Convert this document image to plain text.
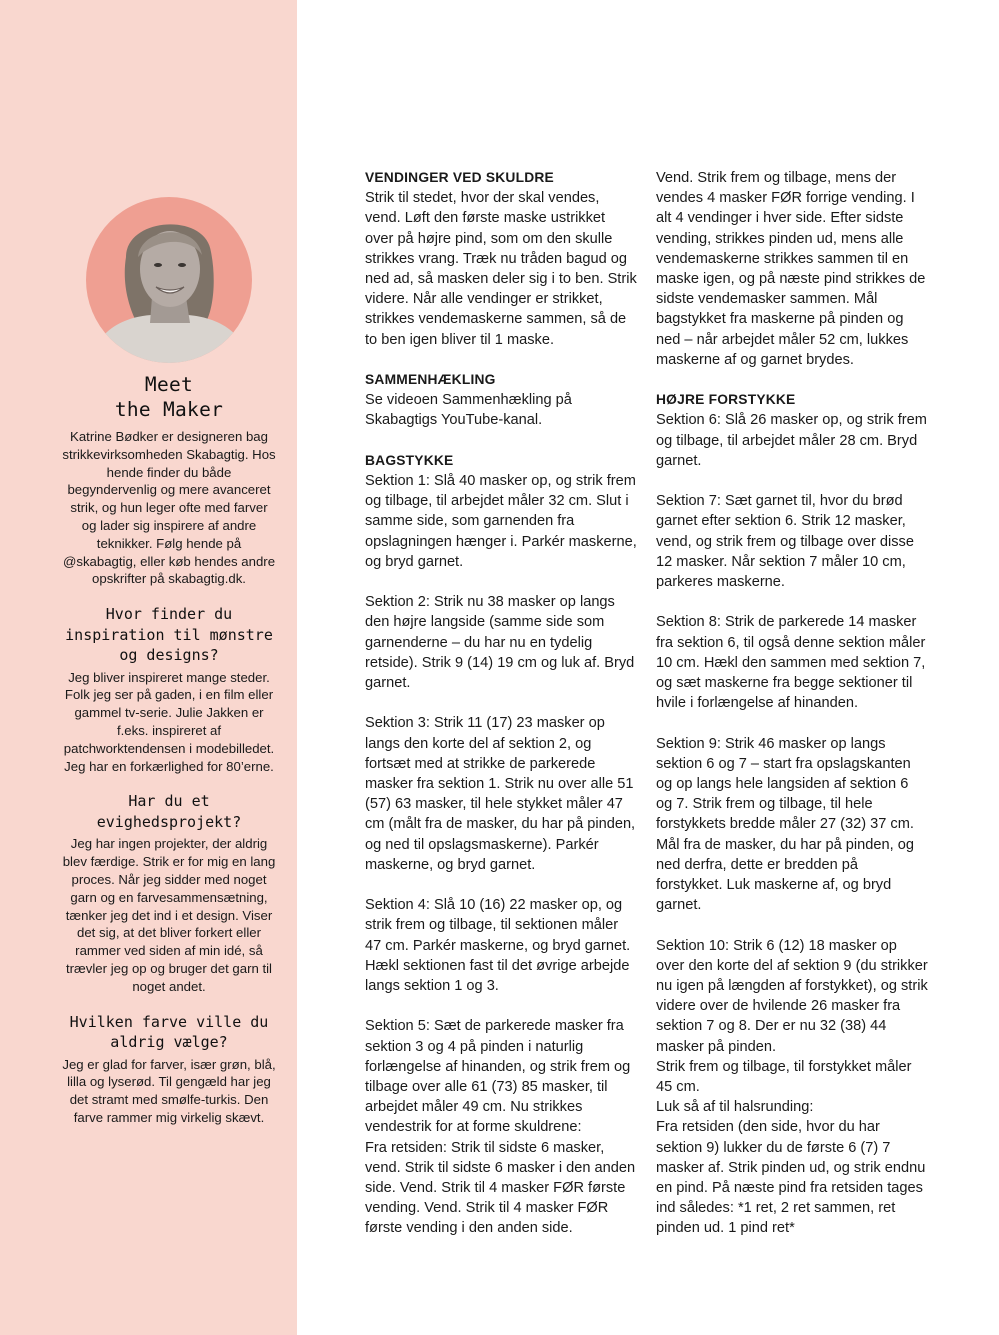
Meet
the Maker

Katrine Bødker er designeren bag strikkevirksomheden Skabagtig. Hos hende finder du både begyndervenlig og mere avanceret strik, og hun leger ofte med farver og lader sig inspirere af andre teknikker. Følg hende på @skabagtig, eller køb hendes andre opskrifter på skabagtig.dk.

Hvor finder du inspiration til mønstre og designs?

Jeg bliver inspireret mange steder. Folk jeg ser på gaden, i en film eller gammel tv-serie. Julie Jakken er f.eks. inspireret af patchworktendensen i modebilledet. Jeg har en forkærlighed for 80’erne.

Har du et evighedsprojekt?

Jeg har ingen projekter, der aldrig blev færdige. Strik er for mig en lang proces. Når jeg sidder med noget garn og en farvesammensætning, tænker jeg det ind i et design. Viser det sig, at det bliver forkert eller rammer ved siden af min idé, så trævler jeg op og bruger det garn til noget andet.

Hvilken farve ville du aldrig vælge?

Jeg er glad for farver, især grøn, blå, lilla og lyserød. Til gengæld har jeg det stramt med smølfe-turkis. Den farve rammer mig virkelig skævt.

VENDINGER VED SKULDRE

Strik til stedet, hvor der skal vendes, vend. Løft den første maske ustrikket over på højre pind, som om den skulle strikkes vrang. Træk nu tråden bagud og ned ad, så masken deler sig i to ben. Strik videre. Når alle vendinger er strikket, strikkes vendemaskerne sammen, så de to ben igen bliver til 1 maske.

SAMMENHÆKLING

Se videoen Sammenhækling på Skabagtigs YouTube-kanal.

BAGSTYKKE

Sektion 1: Slå 40 masker op, og strik frem og tilbage, til arbejdet måler 32 cm. Slut i samme side, som garnenden fra opslagningen hænger i. Parkér maskerne, og bryd garnet.

Sektion 2: Strik nu 38 masker op langs den højre langside (samme side som garnenderne – du har nu en tydelig retside). Strik 9 (14) 19 cm og luk af. Bryd garnet.

Sektion 3: Strik 11 (17) 23 masker op langs den korte del af sektion 2, og fortsæt med at strikke de parkerede masker fra sektion 1. Strik nu over alle 51 (57) 63 masker, til hele stykket måler 47 cm (målt fra de masker, du har på pinden, og ned til opslagsmaskerne). Parkér maskerne, og bryd garnet.

Sektion 4: Slå 10 (16) 22 masker op, og strik frem og tilbage, til sektionen måler 47 cm. Parkér maskerne, og bryd garnet. Hækl sektionen fast til det øvrige arbejde langs sektion 1 og 3.

Sektion 5: Sæt de parkerede masker fra sektion 3 og 4 på pinden i naturlig forlængelse af hinanden, og strik frem og tilbage over alle 61 (73) 85 masker, til arbejdet måler 49 cm. Nu strikkes vendestrik for at forme skuldrene:

Fra retsiden: Strik til sidste 6 masker, vend. Strik til sidste 6 masker i den anden side. Vend. Strik til 4 masker FØR første vending. Vend. Strik til 4 masker FØR første vending i den anden side.

Vend. Strik frem og tilbage, mens der vendes 4 masker FØR forrige vending. I alt 4 vendinger i hver side. Efter sidste vending, strikkes pinden ud, mens alle vendemaskerne strikkes sammen til en maske igen, og på næste pind strikkes de sidste vendemasker sammen. Mål bagstykket fra maskerne på pinden og ned – når arbejdet måler 52 cm, lukkes maskerne af og garnet brydes.

HØJRE FORSTYKKE

Sektion 6: Slå 26 masker op, og strik frem og tilbage, til arbejdet måler 28 cm. Bryd garnet.

Sektion 7: Sæt garnet til, hvor du brød garnet efter sektion 6. Strik 12 masker, vend, og strik frem og tilbage over disse 12 masker. Når sektion 7 måler 10 cm, parkeres maskerne.

Sektion 8: Strik de parkerede 14 masker fra sektion 6, til også denne sektion måler 10 cm. Hækl den sammen med sektion 7, og sæt maskerne fra begge sektioner til hvile i forlængelse af hinanden.

Sektion 9: Strik 46 masker op langs sektion 6 og 7 – start fra opslagskanten og op langs hele langsiden af sektion 6 og 7. Strik frem og tilbage, til hele forstykkets bredde måler 27 (32) 37 cm. Mål fra de masker, du har på pinden, og ned derfra, dette er bredden på forstykket. Luk maskerne af, og bryd garnet.

Sektion 10: Strik 6 (12) 18 masker op over den korte del af sektion 9 (du strikker nu igen på længden af forstykket), og strik videre over de hvilende 26 masker fra sektion 7 og 8. Der er nu 32 (38) 44 masker på pinden.

Strik frem og tilbage, til forstykket måler 45 cm.

Luk så af til halsrunding:

Fra retsiden (den side, hvor du har sektion 9) lukker du de første 6 (7) 7 masker af. Strik pinden ud, og strik endnu en pind. På næste pind fra retsiden tages ind således: *1 ret, 2 ret sammen, ret pinden ud. 1 pind ret*
